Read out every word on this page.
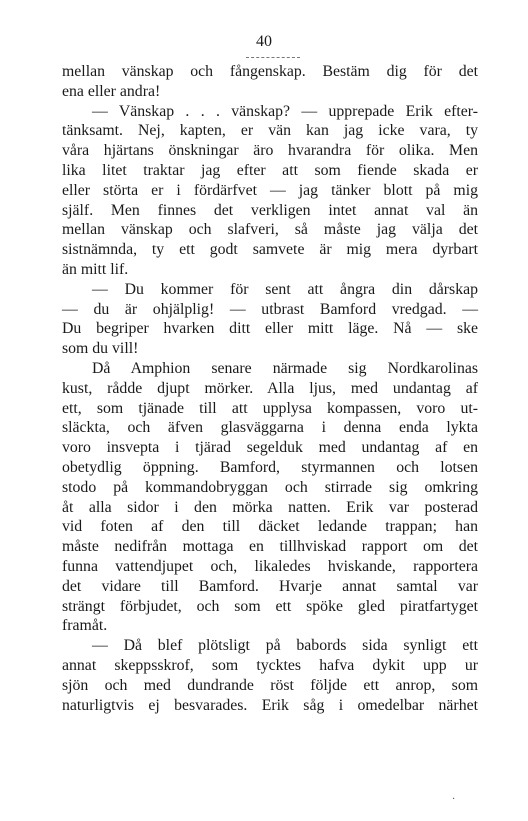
40
mellan vänskap och fångenskap. Bestäm dig för det
ena eller andra!
— Vänskap . . . vänskap? — upprepade Erik efter-
tänksamt. Nej, kapten, er vän kan jag icke vara, ty
våra hjärtans önskningar äro hvarandra för olika. Men
lika litet traktar jag efter att som fiende skada er
eller störta er i fördärfvet — jag tänker blott på mig
själf. Men finnes det verkligen intet annat val än
mellan vänskap och slafveri, så måste jag välja det
sistnämnda, ty ett godt samvete är mig mera dyrbart
än mitt lif.
— Du kommer för sent att ångra din dårskap
— du är ohjälplig! — utbrast Bamford vredgad. —
Du begriper hvarken ditt eller mitt läge. Nå — ske
som du vill!
Då Amphion senare närmade sig Nordkarolinas
kust, rådde djupt mörker. Alla ljus, med undantag af
ett, som tjänade till att upplysa kompassen, voro ut-
släckta, och äfven glasväggarna i denna enda lykta
voro insvepta i tjärad segelduk med undantag af en
obetydlig öppning. Bamford, styrmannen och lotsen
stodo på kommandobryggan och stirrade sig omkring
åt alla sidor i den mörka natten. Erik var posterad
vid foten af den till däcket ledande trappan; han
måste nedifrån mottaga en tillhviskad rapport om det
funna vattendjupet och, likaledes hviskande, rapportera
det vidare till Bamford. Hvarje annat samtal var
strängt förbjudet, och som ett spöke gled piratfartyget
framåt.
— Då blef plötsligt på babords sida synligt ett
annat skeppsskrof, som tycktes hafva dykit upp ur
sjön och med dundrande röst följde ett anrop, som
naturligtvis ej besvarades. Erik såg i omedelbar närhet
·
